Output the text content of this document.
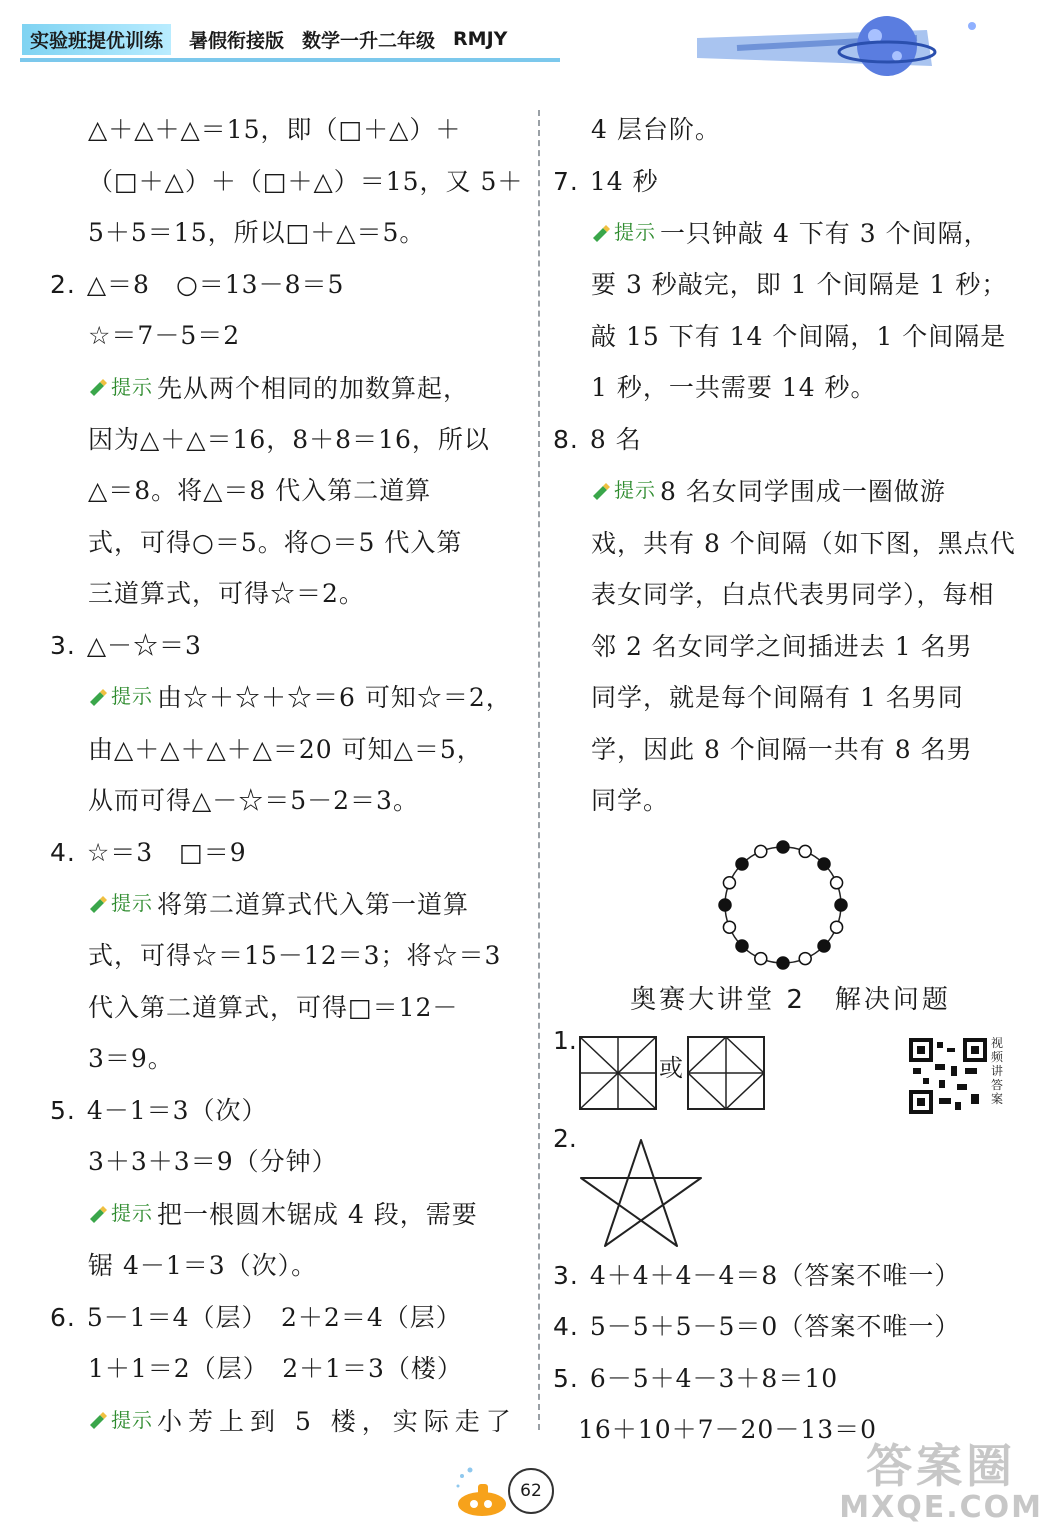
实验班提优训练	暑假衔接版 数学一升二年级 RMJY
△＋△＋△＝15，即（□＋△）＋
（□＋△）＋（□＋△）＝15，又 5＋
5＋5＝15，所以□＋△＝5。
2. △＝8　○＝13－8＝5
☆＝7－5＝2
提示 先从两个相同的加数算起，
因为△＋△＝16，8＋8＝16，所以
△＝8。将△＝8 代入第二道算
式，可得○＝5。将○＝5 代入第
三道算式，可得☆＝2。
3. △－☆＝3
提示 由☆＋☆＋☆＝6 可知☆＝2，
由△＋△＋△＋△＝20 可知△＝5，
从而可得△－☆＝5－2＝3。
4. ☆＝3　□＝9
提示 将第二道算式代入第一道算
式，可得☆＝15－12＝3；将☆＝3
代入第二道算式，可得□＝12－
3＝9。
5. 4－1＝3（次）
3＋3＋3＝9（分钟）
提示 把一根圆木锯成 4 段，需要
锯 4－1＝3（次）。
6. 5－1＝4（层）　2＋2＝4（层）
1＋1＝2（层）　2＋1＝3（楼）
提示 小芳上到 5 楼，实际走了
4 层台阶。
7. 14 秒
提示 一只钟敲 4 下有 3 个间隔，
要 3 秒敲完，即 1 个间隔是 1 秒；
敲 15 下有 14 个间隔，1 个间隔是
1 秒，一共需要 14 秒。
8. 8 名
提示 8 名女同学围成一圈做游
戏，共有 8 个间隔（如下图，黑点代
表女同学，白点代表男同学），每相
邻 2 名女同学之间插进去 1 名男
同学，就是每个间隔有 1 名男同
学，因此 8 个间隔一共有 8 名男
同学。
奥赛大讲堂 2　解决问题
1.
或
视频讲答案
2.
3. 4＋4＋4－4＝8（答案不唯一）
4. 5－5＋5－5＝0（答案不唯一）
5. 6－5＋4－3＋8＝10
16＋10＋7－20－13＝0
62	答案圈
MXQE.COM
